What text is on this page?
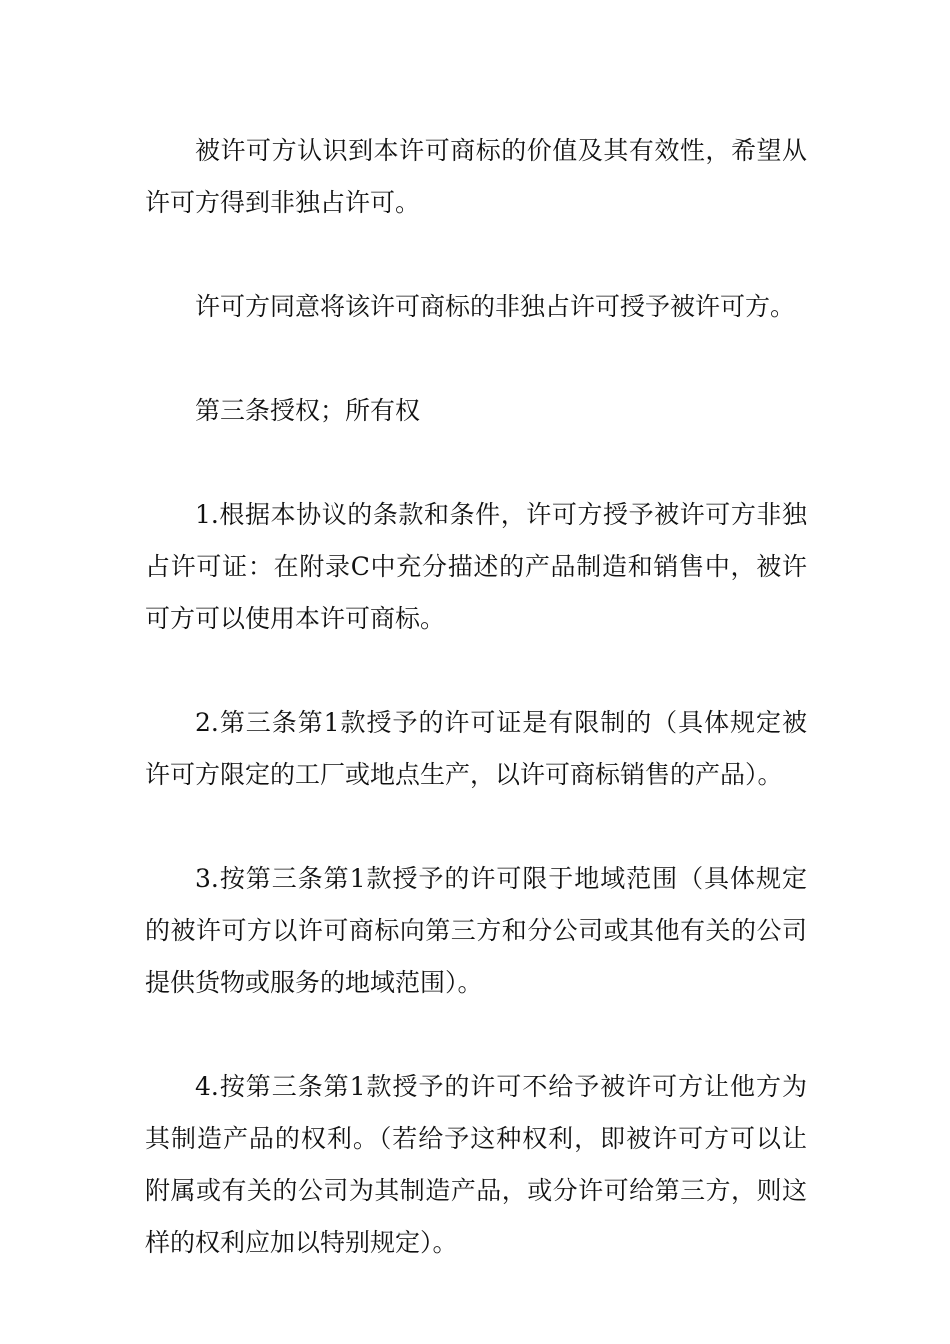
被许可方认识到本许可商标的价值及其有效性，希望从许可方得到非独占许可。

许可方同意将该许可商标的非独占许可授予被许可方。

第三条授权；所有权

1.根据本协议的条款和条件，许可方授予被许可方非独占许可证：在附录C中充分描述的产品制造和销售中，被许可方可以使用本许可商标。

2.第三条第1款授予的许可证是有限制的（具体规定被许可方限定的工厂或地点生产，以许可商标销售的产品）。

3.按第三条第1款授予的许可限于地域范围（具体规定的被许可方以许可商标向第三方和分公司或其他有关的公司提供货物或服务的地域范围）。

4.按第三条第1款授予的许可不给予被许可方让他方为其制造产品的权利。（若给予这种权利，即被许可方可以让附属或有关的公司为其制造产品，或分许可给第三方，则这样的权利应加以特别规定）。
